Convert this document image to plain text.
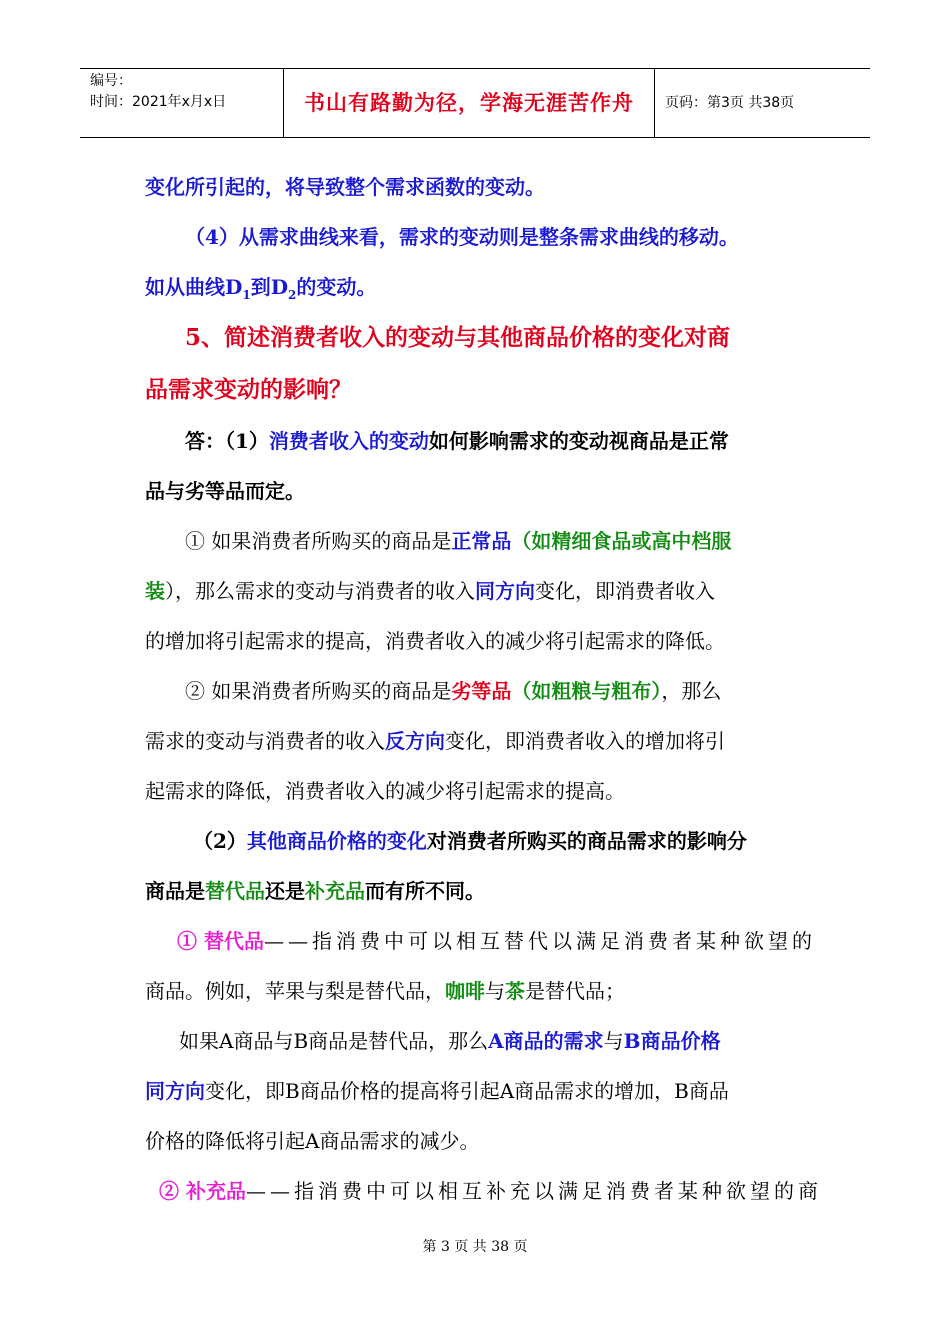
编号：
时间：2021年x月x日	书山有路勤为径，学海无涯苦作舟	页码：第3页 共38页
变化所引起的，将导致整个需求函数的变动。
（4）从需求曲线来看，需求的变动则是整条需求曲线的移动。
如从曲线$D_1$到$D_2$的变动。
5、简述消费者收入的变动与其他商品价格的变化对商
品需求变动的影响？
答：（1）消费者收入的变动如何影响需求的变动视商品是正常
品与劣等品而定。
① 如果消费者所购买的商品是正常品（如精细食品或高中档服
装），那么需求的变动与消费者的收入同方向变化，即消费者收入
的增加将引起需求的提高，消费者收入的减少将引起需求的降低。
② 如果消费者所购买的商品是劣等品（如粗粮与粗布），那么
需求的变动与消费者的收入反方向变化，即消费者收入的增加将引
起需求的降低，消费者收入的减少将引起需求的提高。
（2）其他商品价格的变化对消费者所购买的商品需求的影响分
商品是替代品还是补充品而有所不同。
① 替代品——指消费中可以相互替代以满足消费者某种欲望的
商品。例如，苹果与梨是替代品，咖啡与茶是替代品；
如果A商品与B商品是替代品，那么A商品的需求与B商品价格
同方向变化，即B商品价格的提高将引起A商品需求的增加，B商品
价格的降低将引起A商品需求的减少。
② 补充品——指消费中可以相互补充以满足消费者某种欲望的商
第 3 页 共 38 页
